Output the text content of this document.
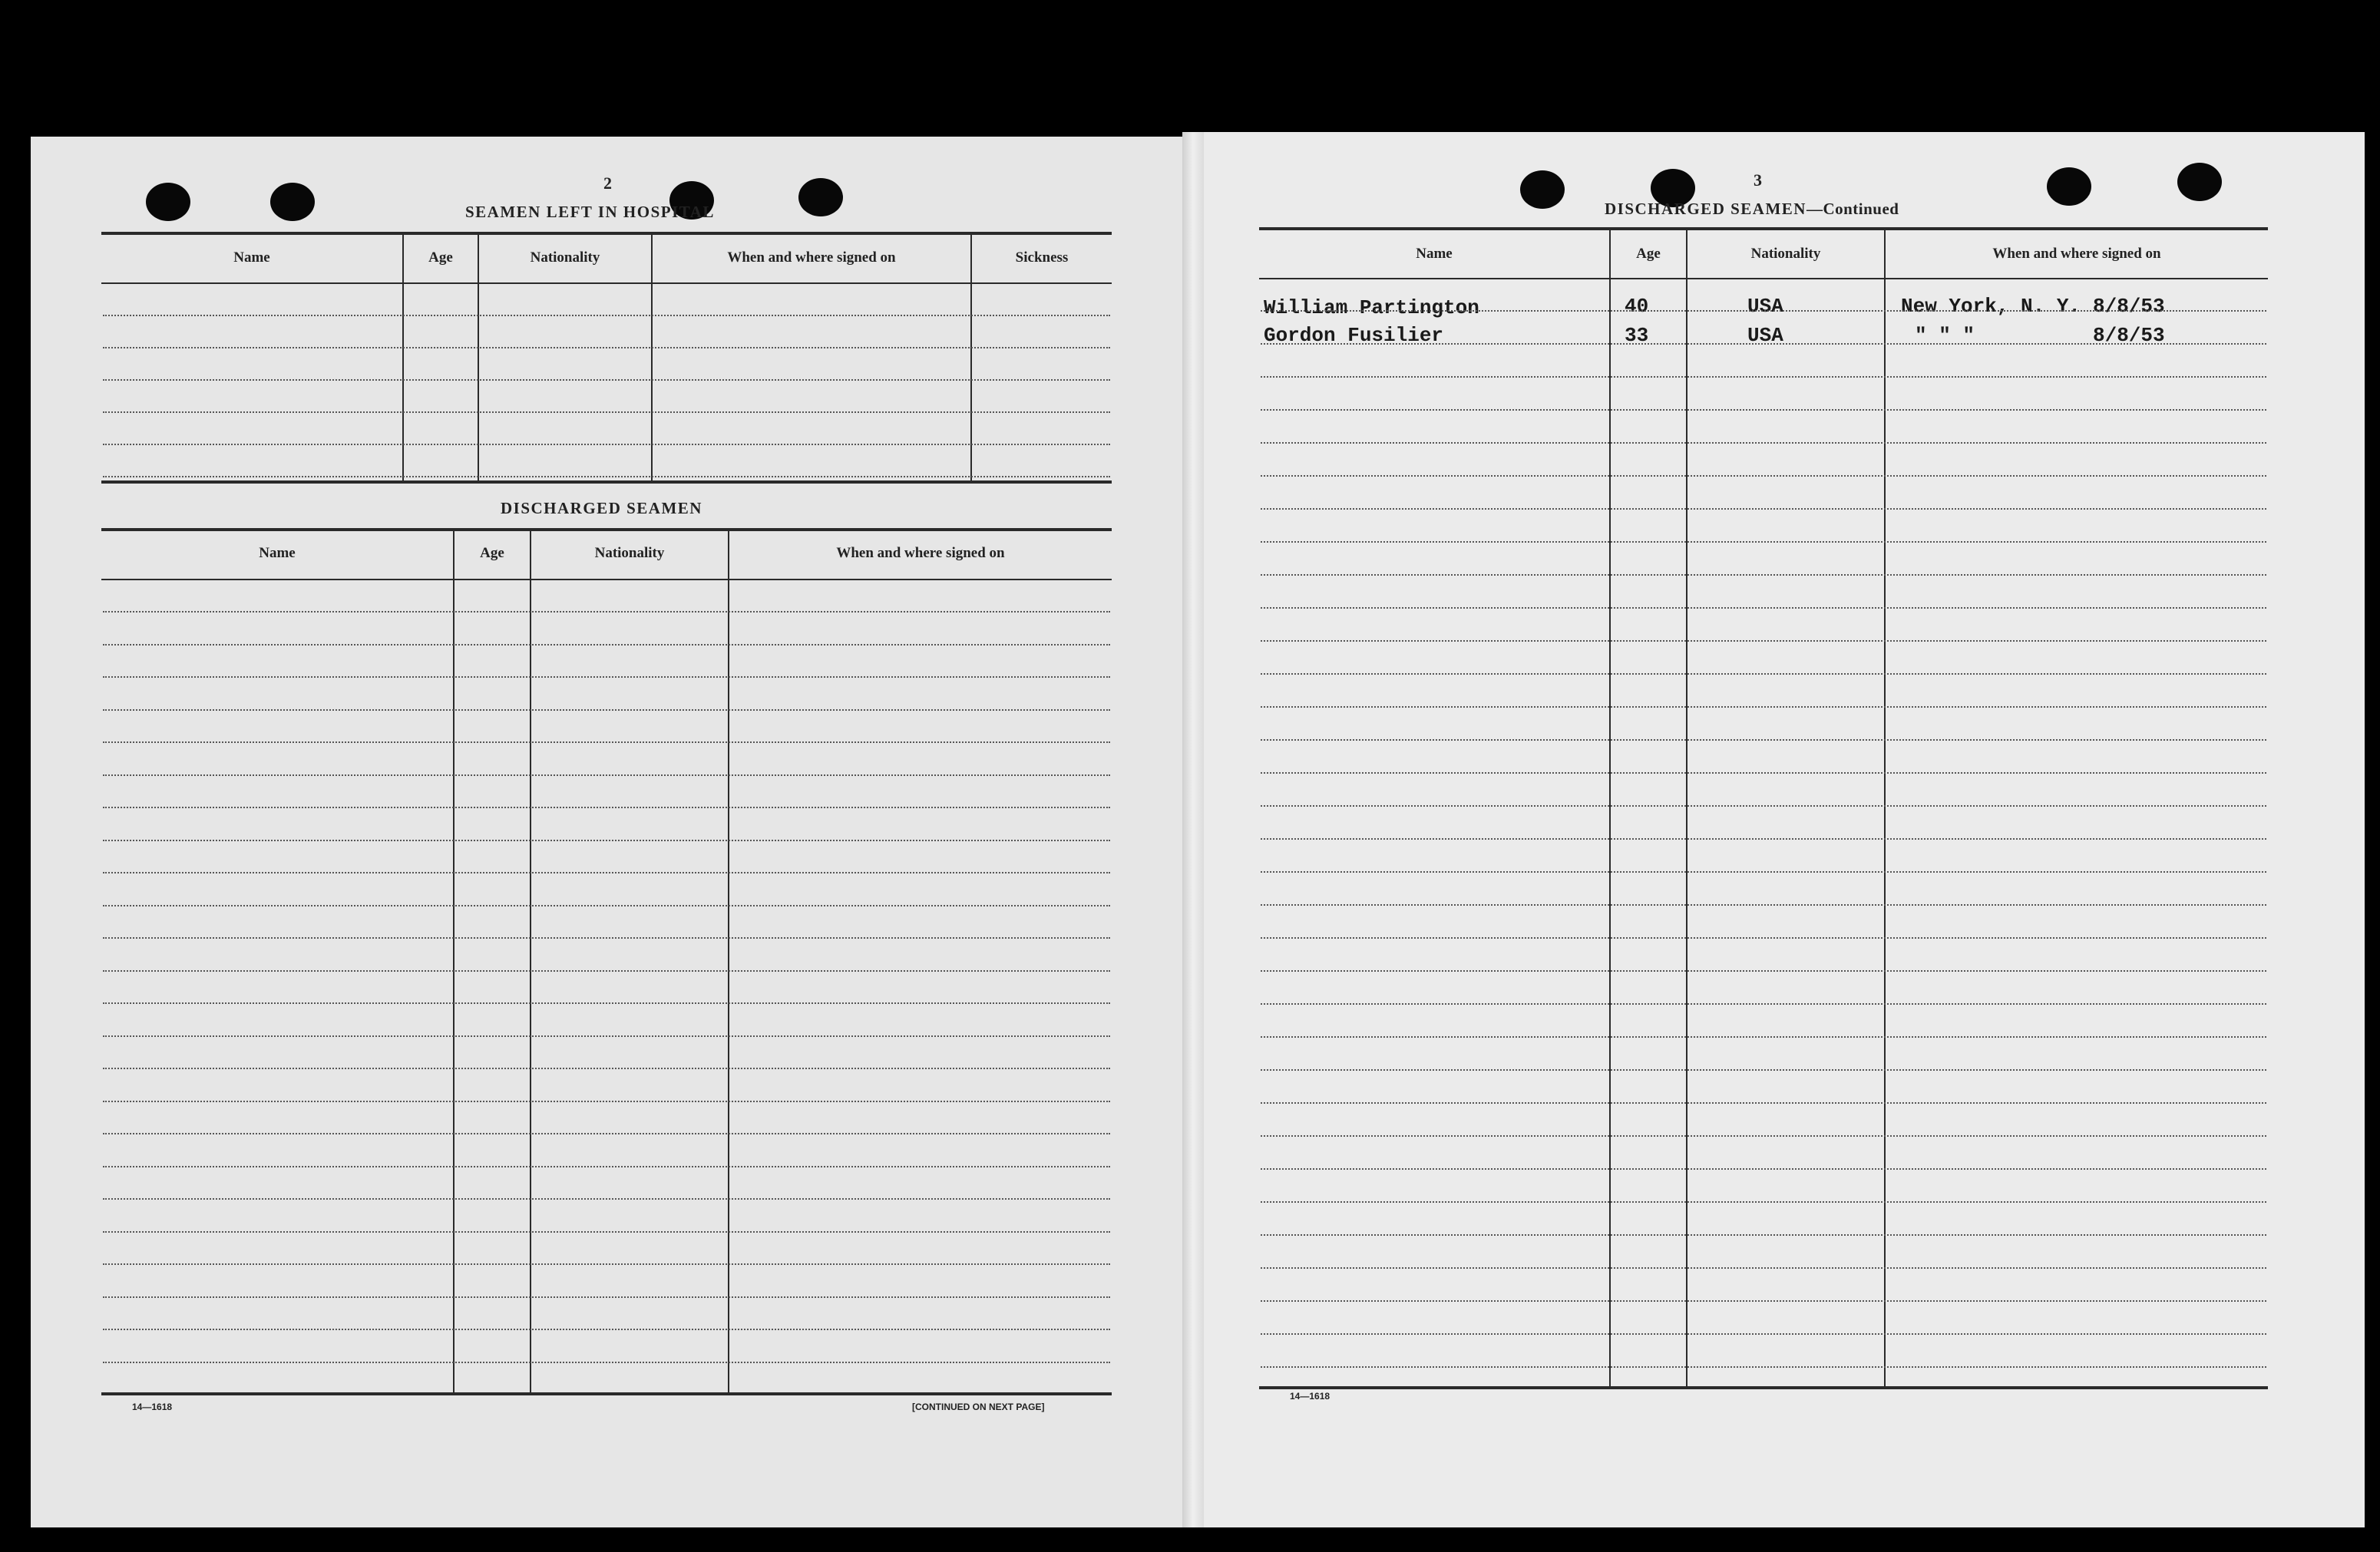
2
SEAMEN LEFT IN HOSPITAL
Name	Age	Nationality	When and where signed on	Sickness
DISCHARGED SEAMEN
Name	Age	Nationality	When and where signed on
14—1618	[CONTINUED ON NEXT PAGE]
3
DISCHARGED SEAMEN—Continued
Name	Age	Nationality	When and where signed on
William Partington	40	USA	New York, N. Y. 8/8/53
Gordon Fusilier	33	USA	" " "	8/8/53
14—1618
